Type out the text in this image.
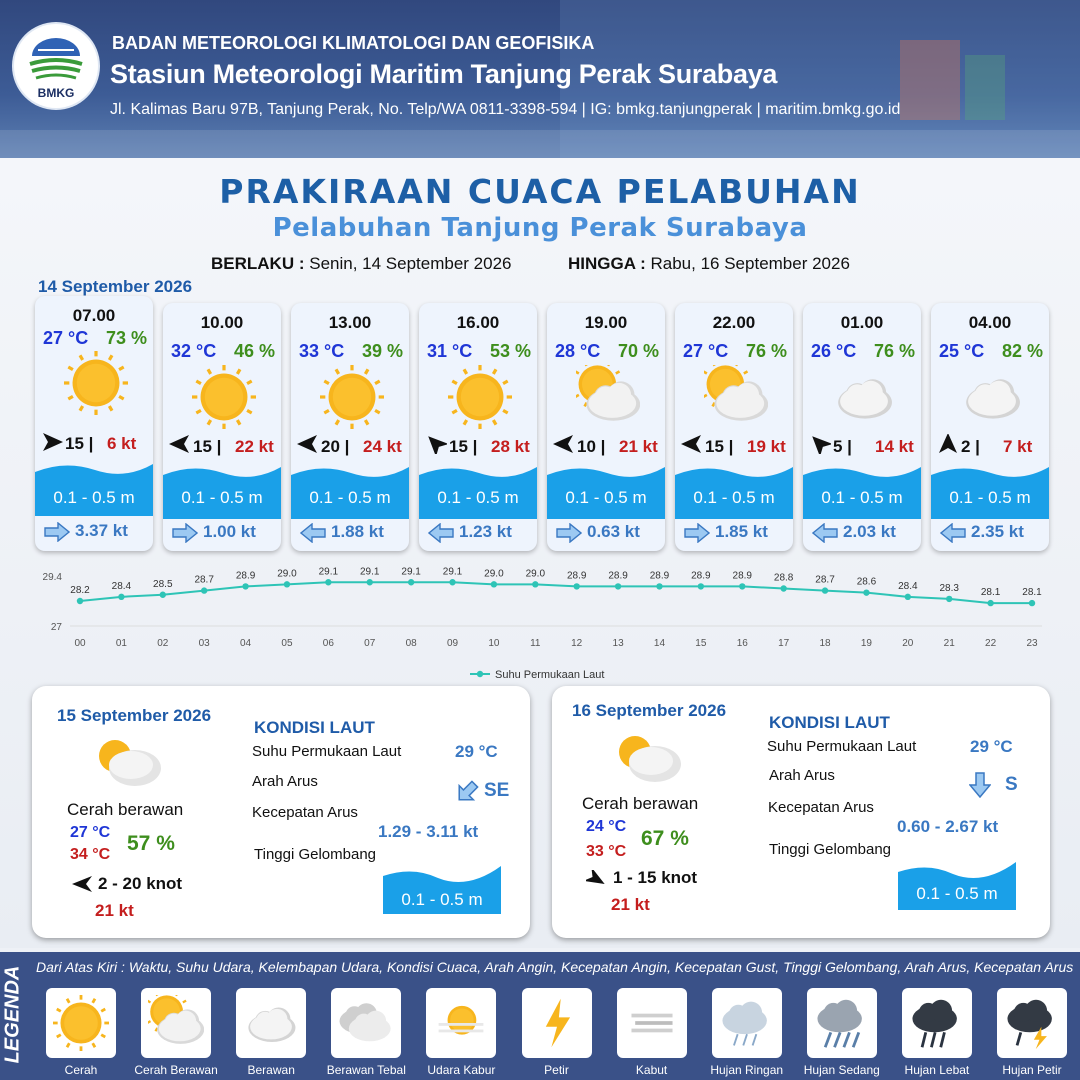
BMKG
BADAN METEOROLOGI KLIMATOLOGI DAN GEOFISIKA
Stasiun Meteorologi Maritim Tanjung Perak Surabaya
Jl. Kalimas Baru 97B, Tanjung Perak, No. Telp/WA 0811-3398-594 | IG: bmkg.tanjungperak | maritim.bmkg.go.id
PRAKIRAAN CUACA PELABUHAN
Pelabuhan Tanjung Perak Surabaya
BERLAKU : Senin, 14 September 2026	HINGGA : Rabu, 16 September 2026
14 September 2026
07.00
27 °C 73 %
15 | 6 kt
0.1 - 0.5 m
3.37 kt
10.00
32 °C 46 %
15 | 22 kt
0.1 - 0.5 m
1.00 kt
13.00
33 °C 39 %
20 | 24 kt
0.1 - 0.5 m
1.88 kt
16.00
31 °C 53 %
15 | 28 kt
0.1 - 0.5 m
1.23 kt
19.00
28 °C 70 %
10 | 21 kt
0.1 - 0.5 m
0.63 kt
22.00
27 °C 76 %
15 | 19 kt
0.1 - 0.5 m
1.85 kt
01.00
26 °C 76 %
5 | 14 kt
0.1 - 0.5 m
2.03 kt
04.00
25 °C 82 %
2 | 7 kt
0.1 - 0.5 m
2.35 kt
29.4
27
28.2
00
28.4
01
28.5
02
28.7
03
28.9
04
29.0
05
29.1
06
29.1
07
29.1
08
29.1
09
29.0
10
29.0
11
28.9
12
28.9
13
28.9
14
28.9
15
28.9
16
28.8
17
28.7
18
28.6
19
28.4
20
28.3
21
28.1
22
28.1
23
Suhu Permukaan Laut
15 September 2026
Cerah berawan
27 °C
34 °C 57 %
2 - 20 knot
21 kt
KONDISI LAUT
Suhu Permukaan Laut	29 °C
Arah Arus	SE
Kecepatan Arus
1.29 - 3.11 kt
Tinggi Gelombang
0.1 - 0.5 m
16 September 2026
Cerah berawan
24 °C
33 °C
67 %
1 - 15 knot
21 kt
KONDISI LAUT
Suhu Permukaan Laut	29 °C
Arah Arus	S
Kecepatan Arus
0.60 - 2.67 kt
Tinggi Gelombang
0.1 - 0.5 m
LEGENDA Dari Atas Kiri : Waktu, Suhu Udara, Kelembapan Udara, Kondisi Cuaca, Arah Angin, Kecepatan Angin, Kecepatan Gust, Tinggi Gelombang, Arah Arus, Kecepatan Arus
Cerah	Cerah Berawan	Berawan	Berawan Tebal	Udara Kabur	Petir	Kabut	Hujan Ringan	Hujan Sedang	Hujan Lebat	Hujan Petir
